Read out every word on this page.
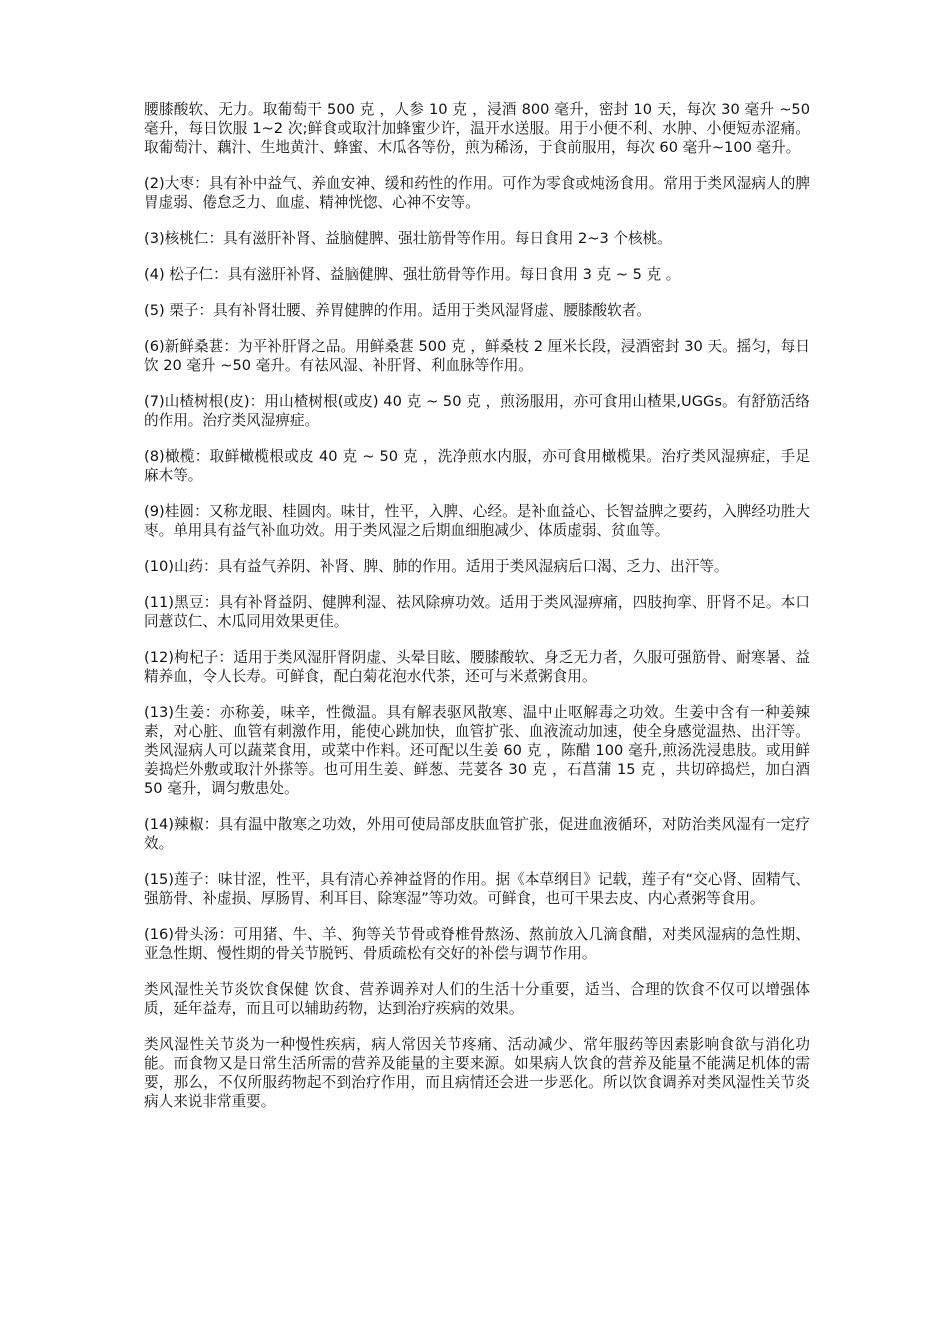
腰膝酸软、无力。取葡萄干 500 克 ，人参 10 克 ，浸酒 800 毫升，密封 10 天，每次 30 毫升 ~50 毫升，每日饮服 1~2 次;鲜食或取汁加蜂蜜少许，温开水送服。用于小便不利、水肿、小便短赤涩痛。取葡萄汁、藕汁、生地黄汁、蜂蜜、木瓜各等份，煎为稀汤，于食前服用，每次 60 毫升~100 毫升。

(2)大枣：具有补中益气、养血安神、缓和药性的作用。可作为零食或炖汤食用。常用于类风湿病人的脾胃虚弱、倦怠乏力、血虚、精神恍惚、心神不安等。

(3)核桃仁：具有滋肝补肾、益脑健脾、强壮筋骨等作用。每日食用 2~3 个核桃。

(4) 松子仁：具有滋肝补肾、益脑健脾、强壮筋骨等作用。每日食用 3 克 ~ 5 克 。

(5) 栗子：具有补肾壮腰、养胃健脾的作用。适用于类风湿肾虚、腰膝酸软者。

(6)新鲜桑葚：为平补肝肾之品。用鲜桑葚 500 克 ，鲜桑枝 2 厘米长段，浸酒密封 30 天。摇匀，每日饮 20 毫升 ~50 毫升。有祛风湿、补肝肾、利血脉等作用。

(7)山楂树根(皮)：用山楂树根(或皮) 40 克 ~ 50 克 ，煎汤服用，亦可食用山楂果,UGGs。有舒筋活络的作用。治疗类风湿痹症。

(8)橄榄：取鲜橄榄根或皮 40 克 ~ 50 克 ，洗净煎水内服，亦可食用橄榄果。治疗类风湿痹症，手足麻木等。

(9)桂圆：又称龙眼、桂圆肉。味甘，性平，入脾、心经。是补血益心、长智益脾之要药，入脾经功胜大枣。单用具有益气补血功效。用于类风湿之后期血细胞减少、体质虚弱、贫血等。

(10)山药：具有益气养阴、补肾、脾、肺的作用。适用于类风湿病后口渴、乏力、出汗等。

(11)黑豆：具有补肾益阴、健脾利湿、祛风除痹功效。适用于类风湿痹痛，四肢拘挛、肝肾不足。本口同薏苡仁、木瓜同用效果更佳。

(12)枸杞子：适用于类风湿肝肾阴虚、头晕目眩、腰膝酸软、身乏无力者，久服可强筋骨、耐寒暑、益精养血，令人长寿。可鲜食，配白菊花泡水代茶，还可与米煮粥食用。

(13)生姜：亦称姜，味辛，性微温。具有解表驱风散寒、温中止呕解毒之功效。生姜中含有一种姜辣素，对心脏、血管有刺激作用，能使心跳加快，血管扩张、血液流动加速，使全身感觉温热、出汗等。类风湿病人可以蔬菜食用，或菜中作料。还可配以生姜 60 克 ，陈醋 100 毫升,煎汤洗浸患肢。或用鲜姜捣烂外敷或取汁外搽等。也可用生姜、鲜葱、芫荽各 30 克 ，石菖蒲 15 克 ，共切碎捣烂，加白酒 50 毫升，调匀敷患处。

(14)辣椒：具有温中散寒之功效，外用可使局部皮肤血管扩张，促进血液循环，对防治类风湿有一定疗效。

(15)莲子：味甘涩，性平，具有清心养神益肾的作用。据《本草纲目》记载，莲子有“交心肾、固精气、强筋骨、补虚损、厚肠胃、利耳目、除寒湿”等功效。可鲜食，也可干果去皮、内心煮粥等食用。

(16)骨头汤：可用猪、牛、羊、狗等关节骨或脊椎骨熬汤、熬前放入几滴食醋，对类风湿病的急性期、亚急性期、慢性期的骨关节脱钙、骨质疏松有交好的补偿与调节作用。

类风湿性关节炎饮食保健 饮食、营养调养对人们的生活十分重要，适当、合理的饮食不仅可以增强体质，延年益寿，而且可以辅助药物，达到治疗疾病的效果。

类风湿性关节炎为一种慢性疾病，病人常因关节疼痛、活动减少、常年服药等因素影响食欲与消化功能。而食物又是日常生活所需的营养及能量的主要来源。如果病人饮食的营养及能量不能满足机体的需要，那么，不仅所服药物起不到治疗作用，而且病情还会进一步恶化。所以饮食调养对类风湿性关节炎病人来说非常重要。
